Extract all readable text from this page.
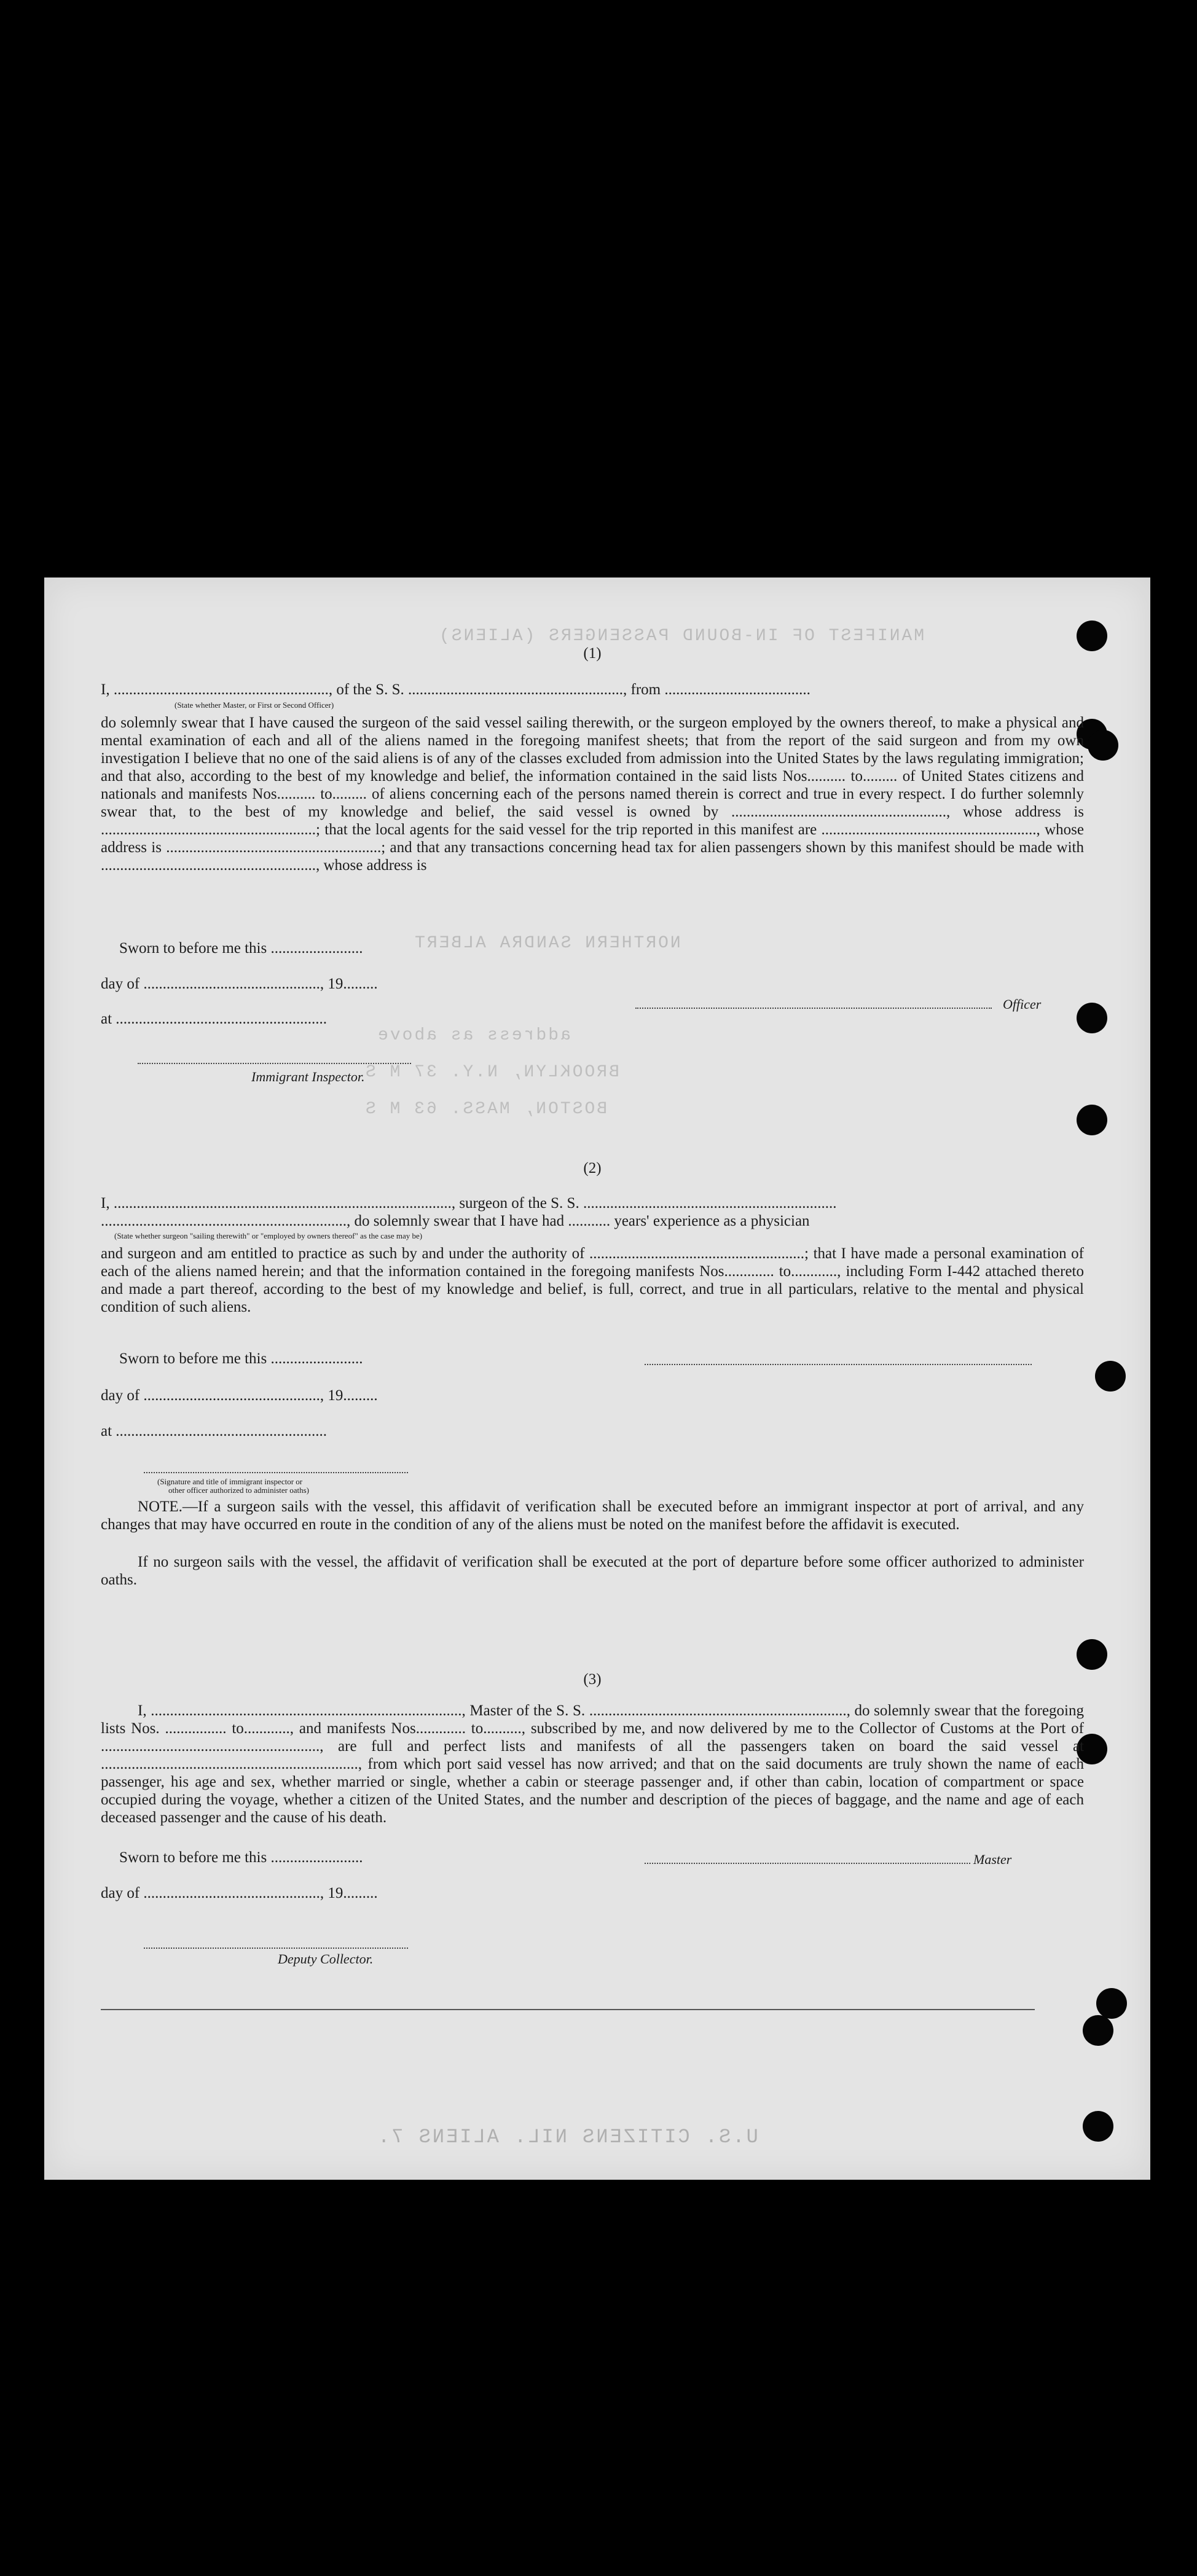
MANIFEST OF IN-BOUND PASSENGERS (ALIENS)
NORTHERN SANDRA ALBERT
address as above
BROOKLYN, N.Y. 37 M S
BOSTON, MASS. 63 M S
U.S. CITIZENS NIL. ALIENS 7.
(1)
I, ........................................................, of the S. S. ........................................................, from ......................................
(State whether Master, or First or Second Officer)
do solemnly swear that I have caused the surgeon of the said vessel sailing therewith, or the surgeon employed by the owners thereof, to make a physical and mental examination of each and all of the aliens named in the foregoing manifest sheets; that from the report of the said surgeon and from my own investigation I believe that no one of the said aliens is of any of the classes excluded from admission into the United States by the laws regulating immigration; and that also, according to the best of my knowledge and belief, the information contained in the said lists Nos.......... to......... of United States citizens and nationals and manifests Nos.......... to......... of aliens concerning each of the persons named therein is correct and true in every respect. I do further solemnly swear that, to the best of my knowledge and belief, the said vessel is owned by ........................................................, whose address is ........................................................; that the local agents for the said vessel for the trip reported in this manifest are ........................................................, whose address is ........................................................; and that any transactions concerning head tax for alien passengers shown by this manifest should be made with ........................................................, whose address is
Sworn to before me this ........................
day of .............................................., 19.........
at .......................................................
Immigrant Inspector.
Officer
(2)
I, ........................................................................................, surgeon of the S. S. ..................................................................
................................................................, do solemnly swear that I have had ........... years' experience as a physician
(State whether surgeon "sailing therewith" or "employed by owners thereof" as the case may be)
and surgeon and am entitled to practice as such by and under the authority of ........................................................; that I have made a personal examination of each of the aliens named herein; and that the information contained in the foregoing manifests Nos............. to............, including Form I-442 attached thereto and made a part thereof, according to the best of my knowledge and belief, is full, correct, and true in all particulars, relative to the mental and physical condition of such aliens.
Sworn to before me this ........................
day of .............................................., 19.........
at .......................................................
(Signature and title of immigrant inspector or
other officer authorized to administer oaths)
NOTE.—If a surgeon sails with the vessel, this affidavit of verification shall be executed before an immigrant inspector at port of arrival, and any changes that may have occurred en route in the condition of any of the aliens must be noted on the manifest before the affidavit is executed.
If no surgeon sails with the vessel, the affidavit of verification shall be executed at the port of departure before some officer authorized to administer oaths.
(3)
I, ................................................................................., Master of the S. S. ..................................................................., do solemnly swear that the foregoing lists Nos. ................ to............, and manifests Nos............. to.........., subscribed by me, and now delivered by me to the Collector of Customs at the Port of ........................................................., are full and perfect lists and manifests of all the passengers taken on board the said vessel at ..................................................................., from which port said vessel has now arrived; and that on the said documents are truly shown the name of each passenger, his age and sex, whether married or single, whether a cabin or steerage passenger and, if other than cabin, location of compartment or space occupied during the voyage, whether a citizen of the United States, and the number and description of the pieces of baggage, and the name and age of each deceased passenger and the cause of his death.
Sworn to before me this ........................
day of .............................................., 19.........
Deputy Collector.
Master
